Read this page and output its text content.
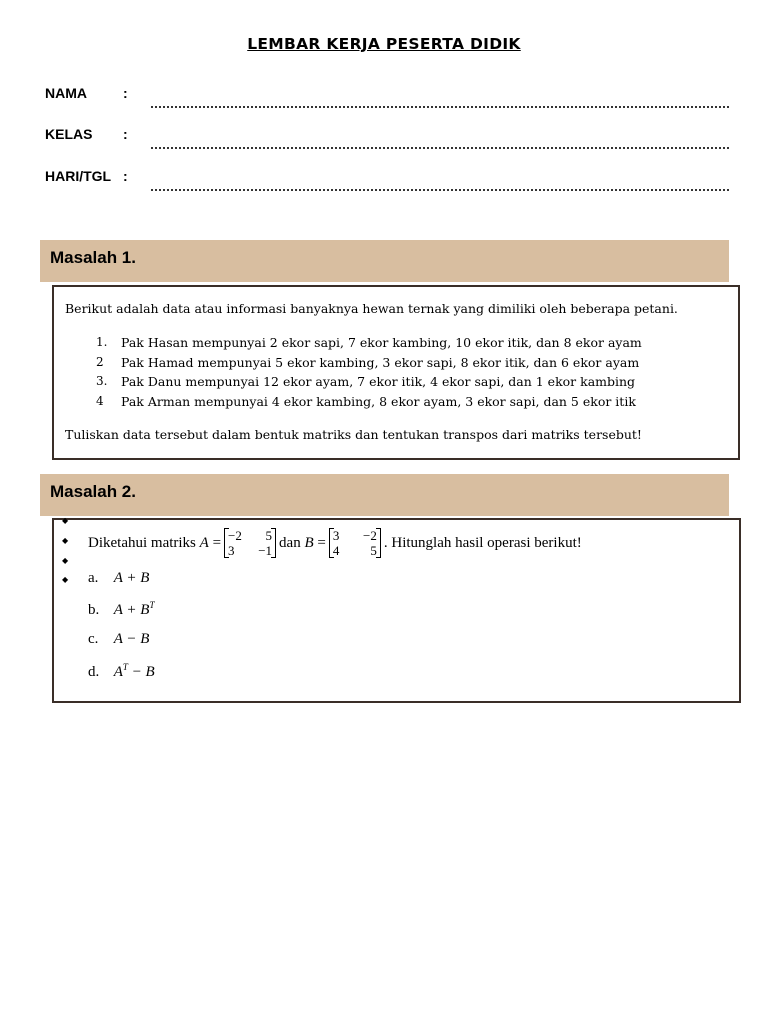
LEMBAR KERJA PESERTA DIDIK
NAMA	:
KELAS :
HARI/TGL :
Masalah 1.
Berikut adalah data atau informasi banyaknya hewan ternak yang dimiliki oleh beberapa petani.
1. Pak Hasan mempunyai 2 ekor sapi, 7 ekor kambing, 10 ekor itik, dan 8 ekor ayam
2	Pak Hamad mempunyai 5 ekor kambing, 3 ekor sapi, 8 ekor itik, dan 6 ekor ayam
3. Pak Danu mempunyai 12 ekor ayam, 7 ekor itik, 4 ekor sapi, dan 1 ekor kambing
4	Pak Arman mempunyai 4 ekor kambing, 8 ekor ayam, 3 ekor sapi, dan 5 ekor itik
Tuliskan data tersebut dalam bentuk matriks dan tentukan transpos dari matriks tersebut!
Masalah 2.
◆
◆
◆
◆
Diketahui matriks
A
= −2	5
3	−1 dan
B
= 3	−2
4	5 . Hitunglah hasil operasi berikut!
a. A + B
b. $A + B^T$
c. A − B
d. $A^T - B$
